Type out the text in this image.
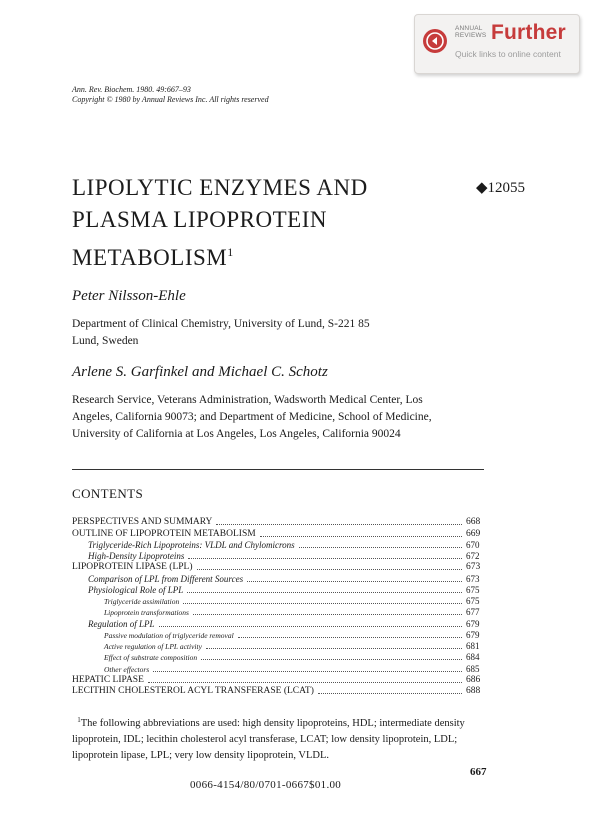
ANNUAL
REVIEWS Further
Quick links to online content
Ann. Rev. Biochem. 1980. 49:667–93
Copyright © 1980 by Annual Reviews Inc. All rights reserved
LIPOLYTIC ENZYMES AND
PLASMA LIPOPROTEIN
METABOLISM$^1$
◆12055
Peter Nilsson-Ehle
Department of Clinical Chemistry, University of Lund, S-221 85
Lund, Sweden
Arlene S. Garfinkel and Michael C. Schotz
Research Service, Veterans Administration, Wadsworth Medical Center, Los
Angeles, California 90073; and Department of Medicine, School of Medicine,
University of California at Los Angeles, Los Angeles, California 90024
CONTENTS
PERSPECTIVES AND SUMMARY	668
OUTLINE OF LIPOPROTEIN METABOLISM	669
Triglyceride-Rich Lipoproteins: VLDL and Chylomicrons	670
High-Density Lipoproteins	672
LIPOPROTEIN LIPASE (LPL)	673
Comparison of LPL from Different Sources	673
Physiological Role of LPL	675
Triglyceride assimilation	675
Lipoprotein transformations	677
Regulation of LPL	679
Passive modulation of triglyceride removal	679
Active regulation of LPL activity	681
Effect of substrate composition	684
Other effectors	685
HEPATIC LIPASE	686
LECITHIN CHOLESTEROL ACYL TRANSFERASE (LCAT)	688

$^1$The following abbreviations are used: high density lipoproteins, HDL; intermediate density

lipoprotein, IDL; lecithin cholesterol acyl transferase, LCAT; low density lipoprotein, LDL;

lipoprotein lipase, LPL; very low density lipoprotein, VLDL.

667
0066-4154/80/0701-0667$01.00
